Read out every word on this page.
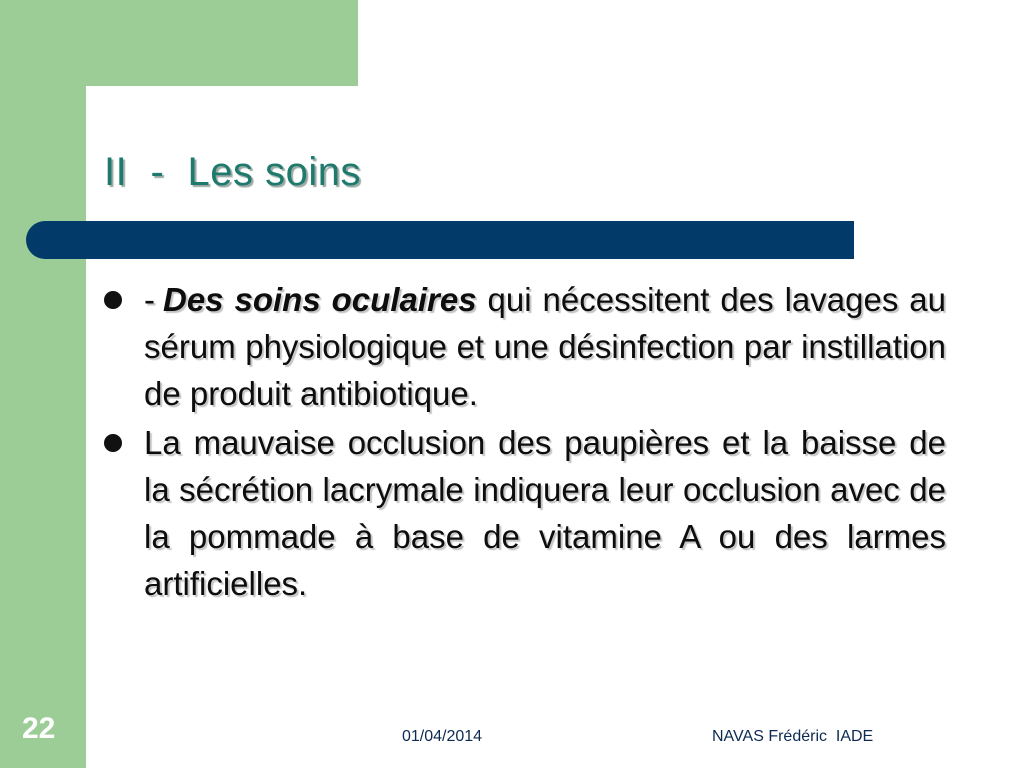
II  -  Les soins
- Des soins oculaires qui nécessitent des lavages au sérum physiologique et une désinfection par instillation de produit antibiotique.
La mauvaise occlusion des paupières et la baisse de la sécrétion lacrymale indiquera leur occlusion avec de la pommade à base de vitamine A ou des larmes artificielles.
22	01/04/2014	NAVAS Frédéric  IADE
